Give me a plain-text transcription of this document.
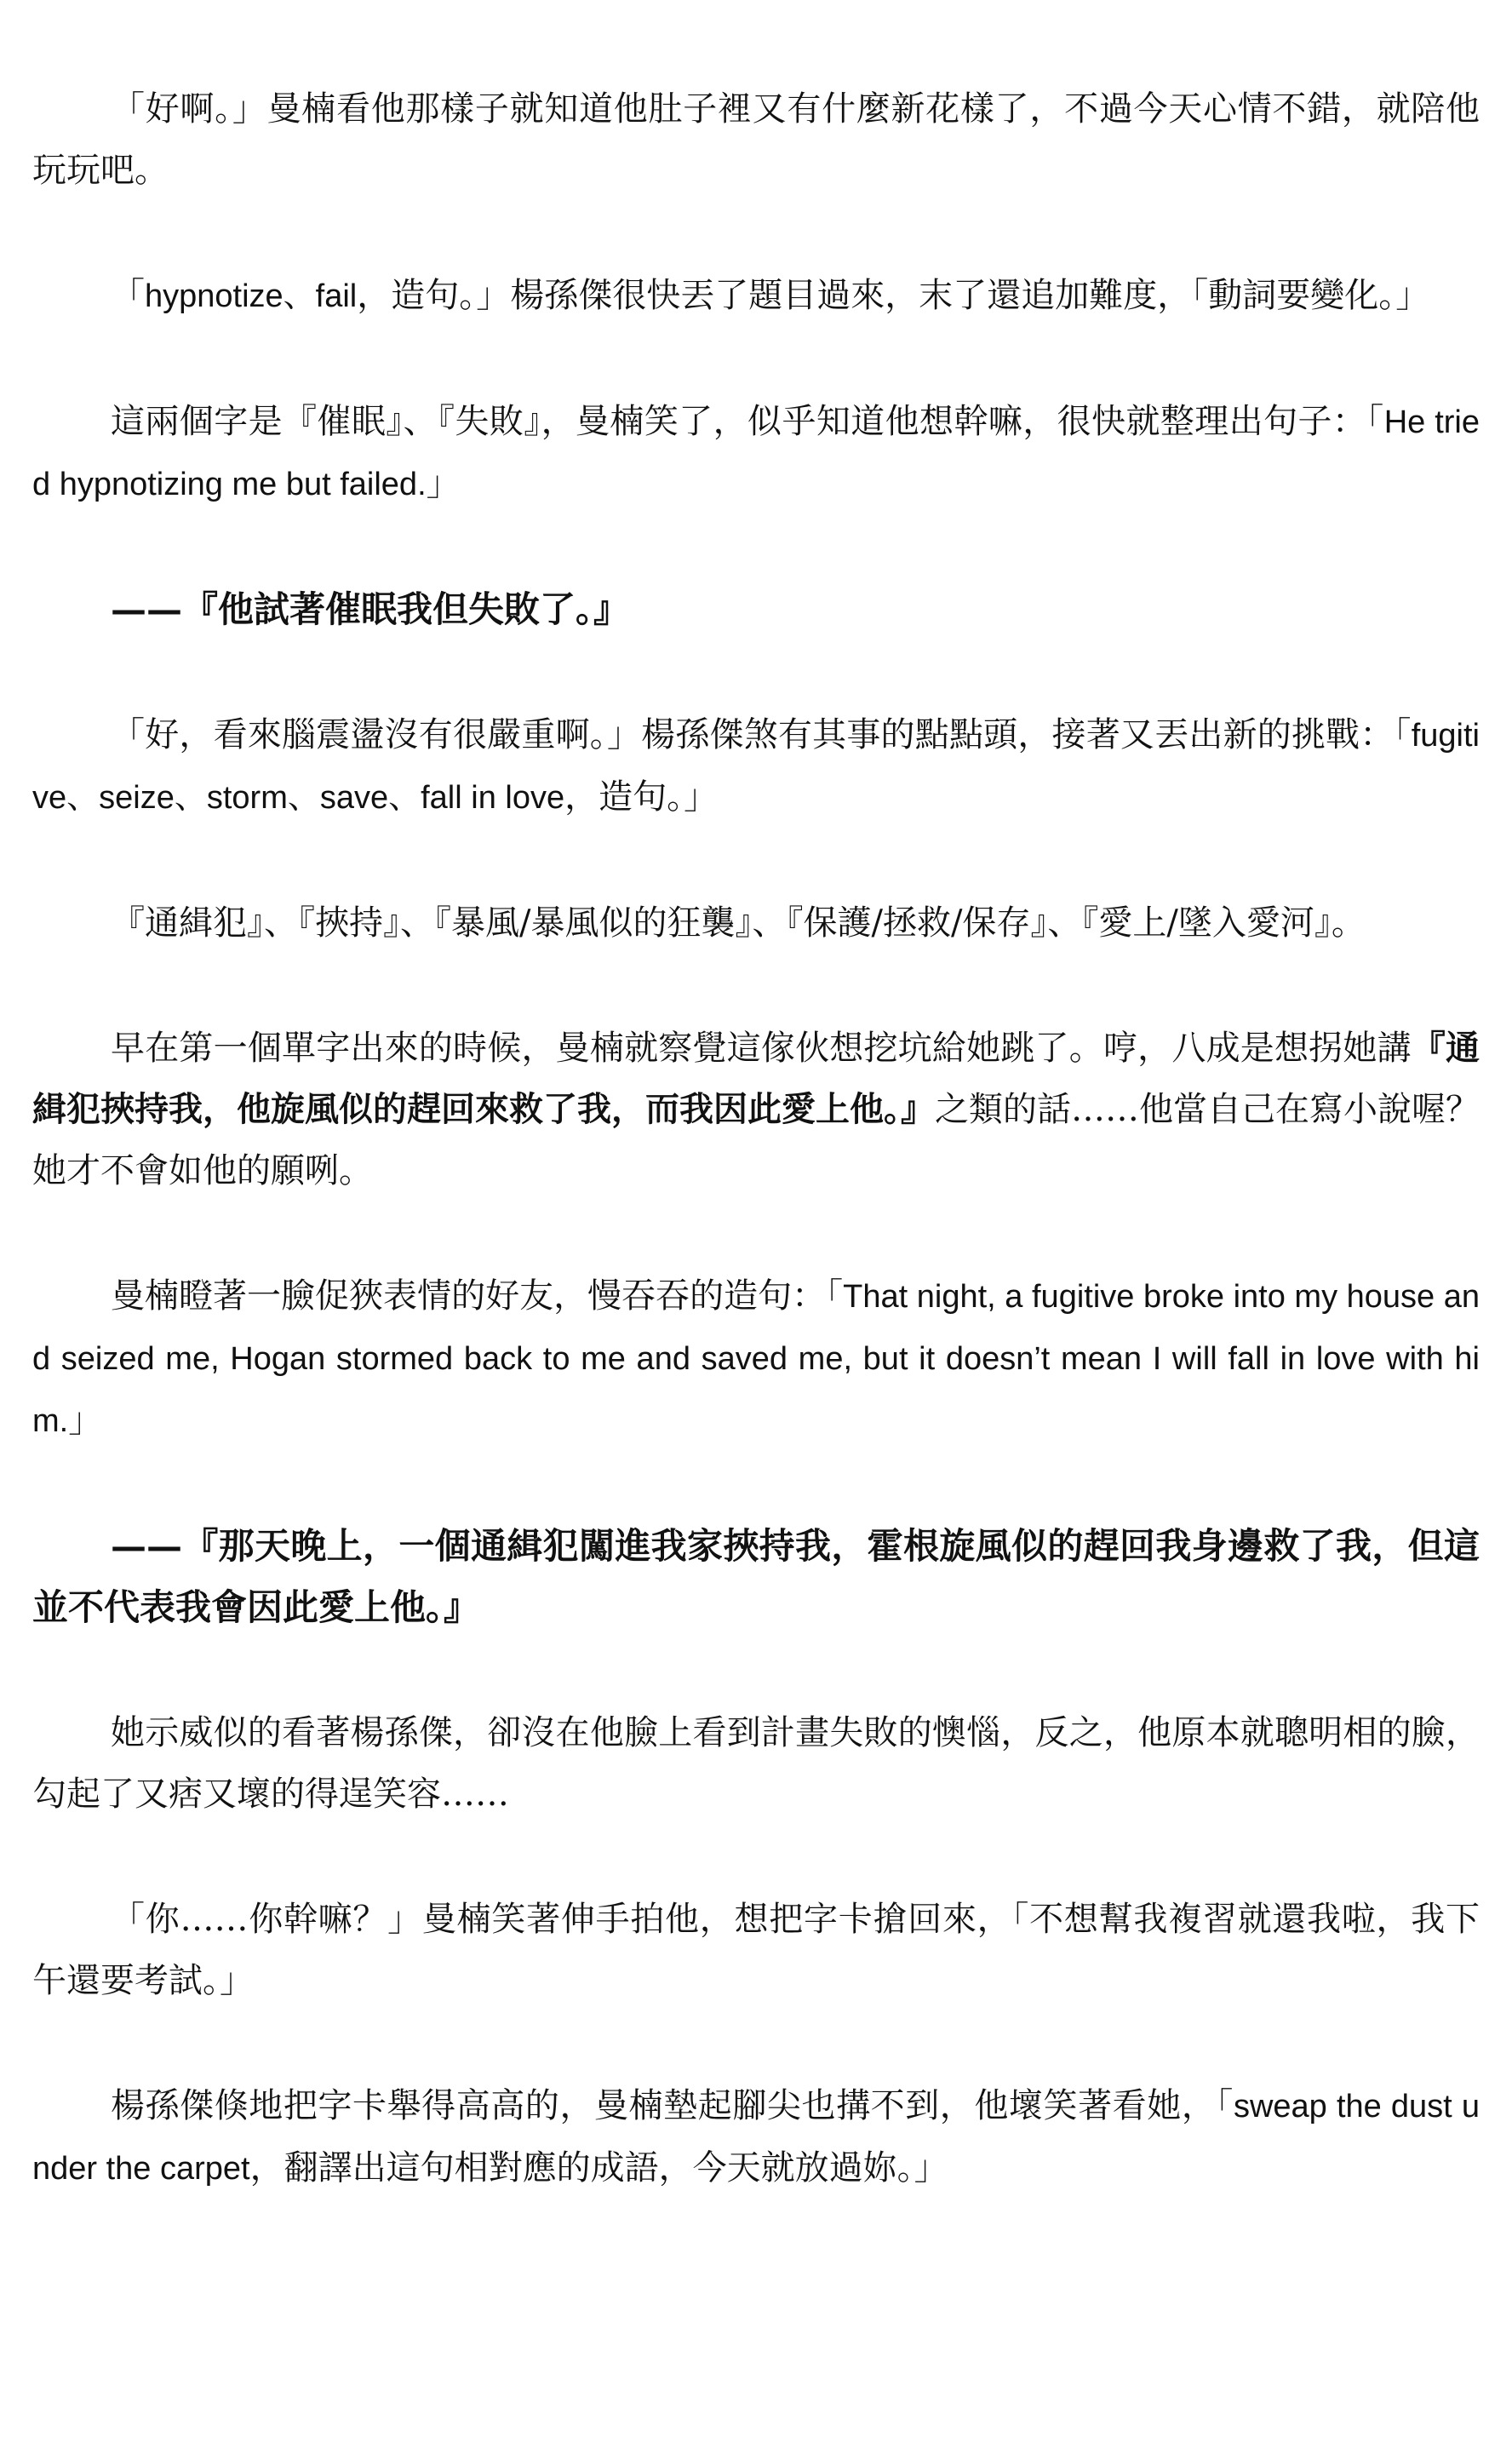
「好啊。」曼楠看他那樣子就知道他肚子裡又有什麼新花樣了，不過今天心情不錯，就陪他玩玩吧。

「hypnotize、fail，造句。」楊孫傑很快丟了題目過來，末了還追加難度，「動詞要變化。」

這兩個字是『催眠』、『失敗』，曼楠笑了，似乎知道他想幹嘛，很快就整理出句子：「He tried hypnotizing me but failed.」

——『他試著催眠我但失敗了。』

「好，看來腦震盪沒有很嚴重啊。」楊孫傑煞有其事的點點頭，接著又丟出新的挑戰：「fugitive、seize、storm、save、fall in love，造句。」

『通緝犯』、『挾持』、『暴風/暴風似的狂襲』、『保護/拯救/保存』、『愛上/墜入愛河』。

早在第一個單字出來的時候，曼楠就察覺這傢伙想挖坑給她跳了。哼，八成是想拐她講『通緝犯挾持我，他旋風似的趕回來救了我，而我因此愛上他。』之類的話……他當自己在寫小說喔？她才不會如他的願咧。

曼楠瞪著一臉促狹表情的好友，慢吞吞的造句：「That night, a fugitive broke into my house and seized me, Hogan stormed back to me and saved me, but it doesn’t mean I will fall in love with him.」

——『那天晚上，一個通緝犯闖進我家挾持我，霍根旋風似的趕回我身邊救了我，但這並不代表我會因此愛上他。』

她示威似的看著楊孫傑，卻沒在他臉上看到計畫失敗的懊惱，反之，他原本就聰明相的臉，勾起了又痞又壞的得逞笑容……

「你……你幹嘛？」曼楠笑著伸手拍他，想把字卡搶回來，「不想幫我複習就還我啦，我下午還要考試。」

楊孫傑倏地把字卡舉得高高的，曼楠墊起腳尖也搆不到，他壞笑著看她，「sweap the dust under the carpet，翻譯出這句相對應的成語，今天就放過妳。」
